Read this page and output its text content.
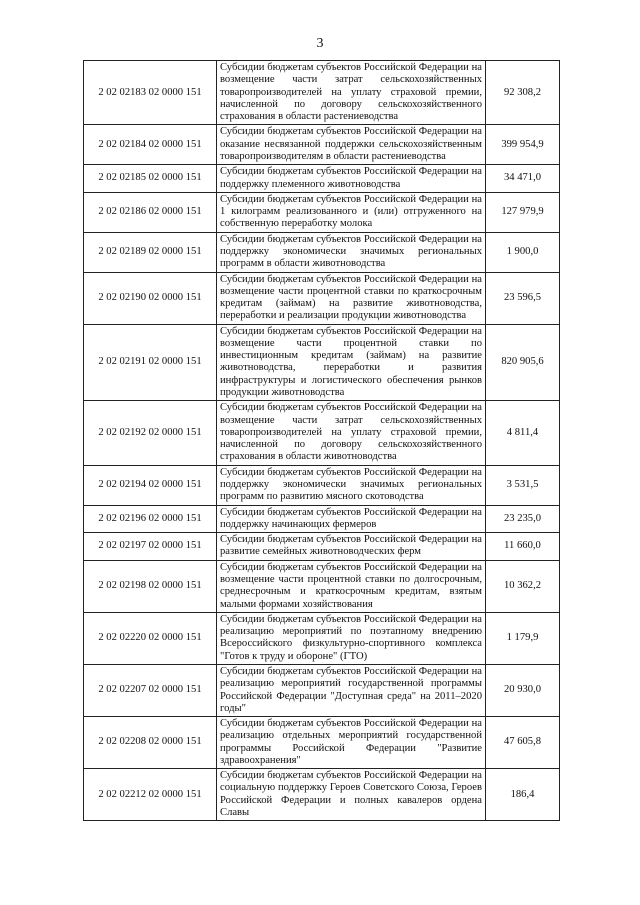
3
2 02 02183 02 0000 151	Субсидии бюджетам субъектов Российской Федерации на возмещение части затрат сельскохозяйственных товаропроизводителей на уплату страховой премии, начисленной по договору сельскохозяйственного страхования в области растениеводства	92 308,2
2 02 02184 02 0000 151	Субсидии бюджетам субъектов Российской Федерации на оказание несвязанной поддержки сельскохозяйственным товаропроизводителям в области растениеводства	399 954,9
2 02 02185 02 0000 151	Субсидии бюджетам субъектов Российской Федерации на поддержку племенного животноводства	34 471,0
2 02 02186 02 0000 151	Субсидии бюджетам субъектов Российской Федерации на 1 килограмм реализованного и (или) отгруженного на собственную переработку молока	127 979,9
2 02 02189 02 0000 151	Субсидии бюджетам субъектов Российской Федерации на поддержку экономически значимых региональных программ в области животноводства	1 900,0
2 02 02190 02 0000 151	Субсидии бюджетам субъектов Российской Федерации на возмещение части процентной ставки по краткосрочным кредитам (займам) на развитие животноводства, переработки и реализации продукции животноводства	23 596,5
2 02 02191 02 0000 151	Субсидии бюджетам субъектов Российской Федерации на возмещение части процентной ставки по инвестиционным кредитам (займам) на развитие животноводства, переработки и развития инфраструктуры и логистического обеспечения рынков продукции животноводства	820 905,6
2 02 02192 02 0000 151	Субсидии бюджетам субъектов Российской Федерации на возмещение части затрат сельскохозяйственных товаропроизводителей на уплату страховой премии, начисленной по договору сельскохозяйственного страхования в области животноводства	4 811,4
2 02 02194 02 0000 151	Субсидии бюджетам субъектов Российской Федерации на поддержку экономически значимых региональных программ по развитию мясного скотоводства	3 531,5
2 02 02196 02 0000 151	Субсидии бюджетам субъектов Российской Федерации на поддержку начинающих фермеров	23 235,0
2 02 02197 02 0000 151	Субсидии бюджетам субъектов Российской Федерации на развитие семейных животноводческих ферм	11 660,0
2 02 02198 02 0000 151	Субсидии бюджетам субъектов Российской Федерации на возмещение части процентной ставки по долгосрочным, среднесрочным и краткосрочным кредитам, взятым малыми формами хозяйствования	10 362,2
2 02 02220 02 0000 151	Субсидии бюджетам субъектов Российской Федерации на реализацию мероприятий по поэтапному внедрению Всероссийского физкультурно-спортивного комплекса "Готов к труду и обороне" (ГТО)	1 179,9
2 02 02207 02 0000 151	Субсидии бюджетам субъектов Российской Федерации на реализацию мероприятий государственной программы Российской Федерации "Доступная среда" на 2011–2020 годы"	20 930,0
2 02 02208 02 0000 151	Субсидии бюджетам субъектов Российской Федерации на реализацию отдельных мероприятий государственной программы Российской Федерации "Развитие здравоохранения"	47 605,8
2 02 02212 02 0000 151	Субсидии бюджетам субъектов Российской Федерации на социальную поддержку Героев Советского Союза, Героев Российской Федерации и полных кавалеров ордена Славы	186,4
